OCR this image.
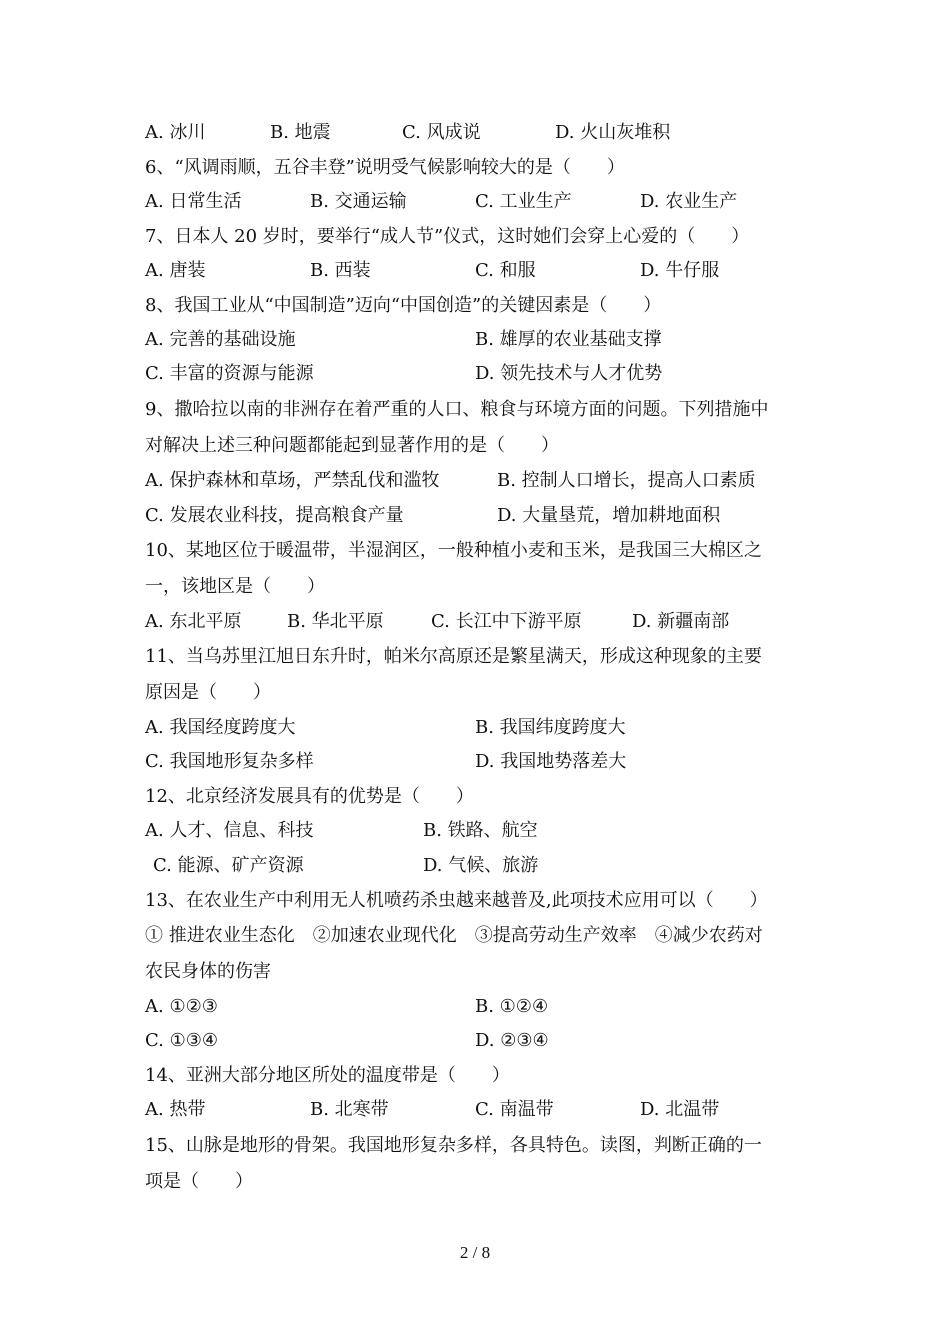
A. 冰川	B. 地震	C. 风成说	D. 火山灰堆积
6、“风调雨顺，五谷丰登”说明受气候影响较大的是（　　）
A. 日常生活	B. 交通运输	C. 工业生产	D. 农业生产
7、日本人 20 岁时，要举行“成人节”仪式，这时她们会穿上心爱的（　　）
A. 唐装	B. 西装	C. 和服	D. 牛仔服
8、我国工业从“中国制造”迈向“中国创造”的关键因素是（　　）
A. 完善的基础设施	B. 雄厚的农业基础支撑
C. 丰富的资源与能源	D. 领先技术与人才优势
9、撒哈拉以南的非洲存在着严重的人口、粮食与环境方面的问题。下列措施中
对解决上述三种问题都能起到显著作用的是（　　）
A. 保护森林和草场，严禁乱伐和滥牧	B. 控制人口增长，提高人口素质
C. 发展农业科技，提高粮食产量	D. 大量垦荒，增加耕地面积
10、某地区位于暖温带，半湿润区，一般种植小麦和玉米，是我国三大棉区之
一，该地区是（　　）
A. 东北平原	B. 华北平原	C. 长江中下游平原	D. 新疆南部
11、当乌苏里江旭日东升时，帕米尔高原还是繁星满天，形成这种现象的主要
原因是（　　）
A. 我国经度跨度大	B. 我国纬度跨度大
C. 我国地形复杂多样	D. 我国地势落差大
12、北京经济发展具有的优势是（　　）
A. 人才、信息、科技	B. 铁路、航空
C. 能源、矿产资源	D. 气候、旅游
13、在农业生产中利用无人机喷药杀虫越来越普及,此项技术应用可以（　　）
① 推进农业生态化　②加速农业现代化　③提高劳动生产效率　④减少农药对
农民身体的伤害
A. ①②③	B. ①②④
C. ①③④	D. ②③④
14、亚洲大部分地区所处的温度带是（　　）
A. 热带	B. 北寒带	C. 南温带	D. 北温带
15、山脉是地形的骨架。我国地形复杂多样，各具特色。读图，判断正确的一
项是（　　）
2 / 8
